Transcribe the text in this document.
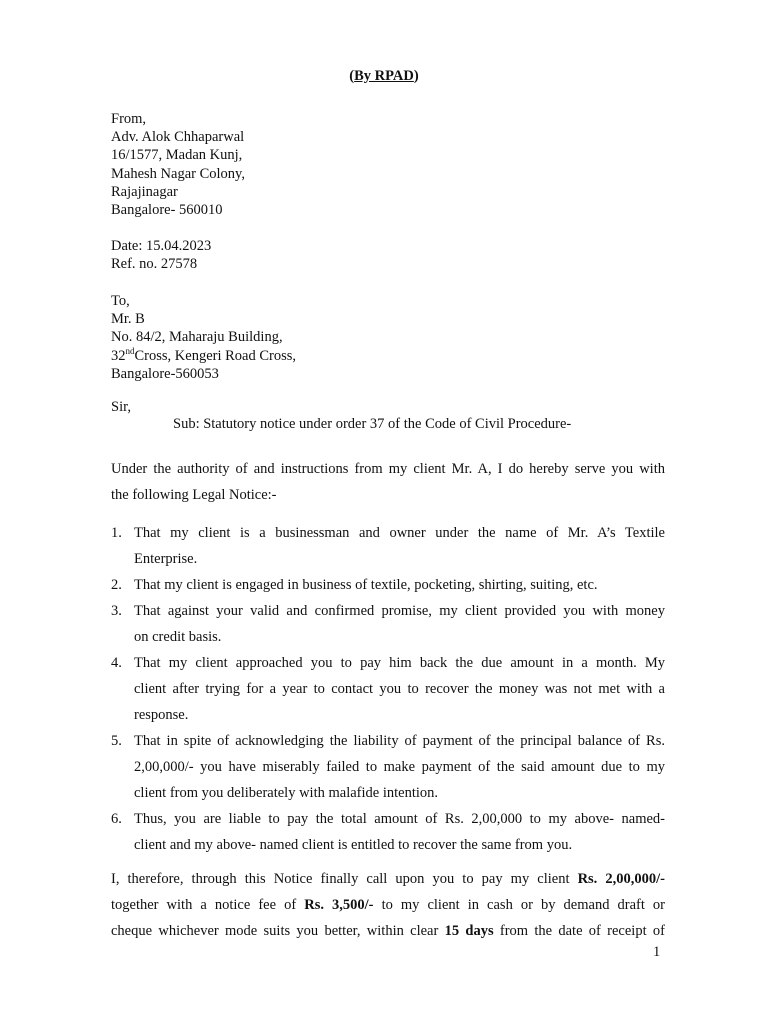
(By RPAD)
From,
Adv. Alok Chhaparwal
16/1577, Madan Kunj,
Mahesh Nagar Colony,
Rajajinagar
Bangalore- 560010
Date: 15.04.2023
Ref. no. 27578
To,
Mr. B
No. 84/2, Maharaju Building,
32ndCross, Kengeri Road Cross,
Bangalore-560053
Sir,
Sub: Statutory notice under order 37 of the Code of Civil Procedure-
Under the authority of and instructions from my client Mr. A, I do hereby serve you with
the following Legal Notice:-
1. That my client is a businessman and owner under the name of Mr. A’s Textile
Enterprise.
2. That my client is engaged in business of textile, pocketing, shirting, suiting, etc.
3. That against your valid and confirmed promise, my client provided you with money
on credit basis.
4. That my client approached you to pay him back the due amount in a month. My
client after trying for a year to contact you to recover the money was not met with a
response.
5. That in spite of acknowledging the liability of payment of the principal balance of Rs.
2,00,000/- you have miserably failed to make payment of the said amount due to my
client from you deliberately with malafide intention.
6. Thus, you are liable to pay the total amount of Rs. 2,00,000 to my above- named-
client and my above- named client is entitled to recover the same from you.
I, therefore, through this Notice finally call upon you to pay my client Rs. 2,00,000/-
together with a notice fee of Rs. 3,500/- to my client in cash or by demand draft or
cheque whichever mode suits you better, within clear 15 days from the date of receipt of
1
